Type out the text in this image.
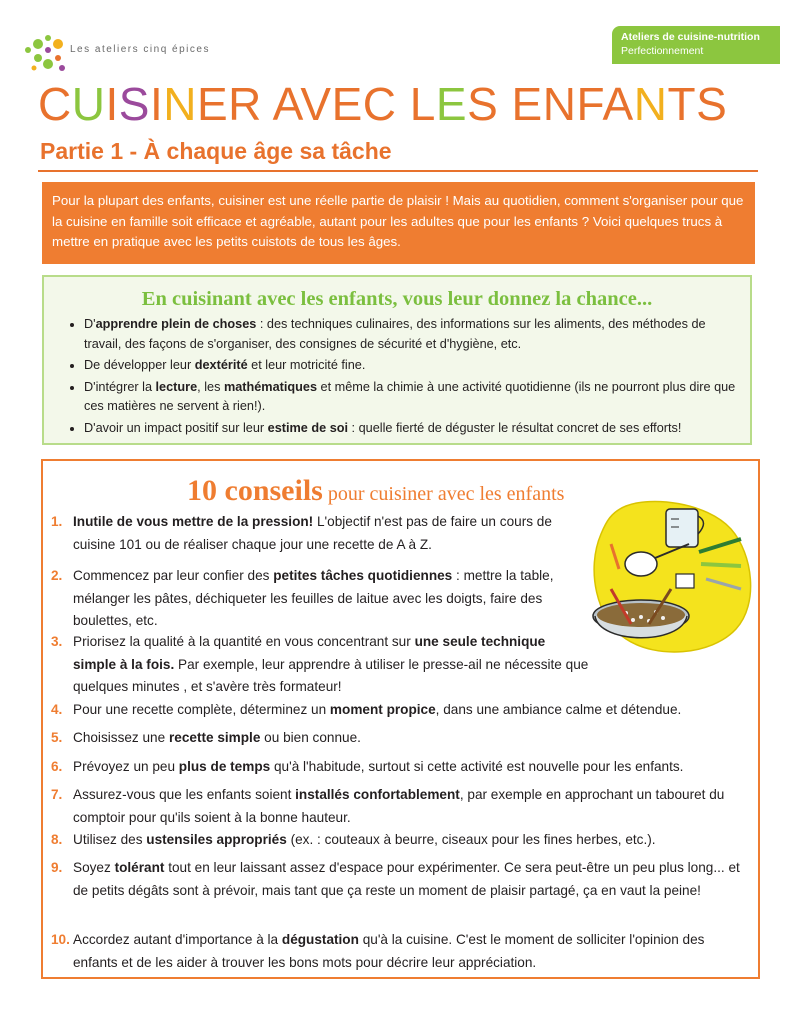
Les ateliers cinq épices
Ateliers de cuisine-nutrition
Perfectionnement
CUISINER AVEC LES ENFANTS
Partie 1 - À chaque âge sa tâche
Pour la plupart des enfants, cuisiner est une réelle partie de plaisir ! Mais au quotidien, comment s'organiser pour que la cuisine en famille soit efficace et agréable, autant pour les adultes que pour les enfants ? Voici quelques trucs à mettre en pratique avec les petits cuistots de tous les âges.
En cuisinant avec les enfants, vous leur donnez la chance...
• D'apprendre plein de choses : des techniques culinaires, des informations sur les aliments, des méthodes de travail, des façons de s'organiser, des consignes de sécurité et d'hygiène, etc.
• De développer leur dextérité et leur motricité fine.
• D'intégrer la lecture, les mathématiques et même la chimie à une activité quotidienne (ils ne pourront plus dire que ces matières ne servent à rien!).
• D'avoir un impact positif sur leur estime de soi : quelle fierté de déguster le résultat concret de ses efforts!
10 conseils pour cuisiner avec les enfants
1. Inutile de vous mettre de la pression! L'objectif n'est pas de faire un cours de cuisine 101 ou de réaliser chaque jour une recette de A à Z.
2. Commencez par leur confier des petites tâches quotidiennes : mettre la table, mélanger les pâtes, déchiqueter les feuilles de laitue avec les doigts, faire des boulettes, etc.
3. Priorisez la qualité à la quantité en vous concentrant sur une seule technique simple à la fois. Par exemple, leur apprendre à utiliser le presse-ail ne nécessite que quelques minutes , et s'avère très formateur!
4. Pour une recette complète, déterminez un moment propice, dans une ambiance calme et détendue.
5. Choisissez une recette simple ou bien connue.
6. Prévoyez un peu plus de temps qu'à l'habitude, surtout si cette activité est nouvelle pour les enfants.
7. Assurez-vous que les enfants soient installés confortablement, par exemple en approchant un tabouret du comptoir pour qu'ils soient à la bonne hauteur.
8. Utilisez des ustensiles appropriés (ex. : couteaux à beurre, ciseaux pour les fines herbes, etc.).
9. Soyez tolérant tout en leur laissant assez d'espace pour expérimenter. Ce sera peut-être un peu plus long... et de petits dégâts sont à prévoir, mais tant que ça reste un moment de plaisir partagé, ça en vaut la peine!
10. Accordez autant d'importance à la dégustation qu'à la cuisine. C'est le moment de solliciter l'opinion des enfants et de les aider à trouver les bons mots pour décrire leur appréciation.
